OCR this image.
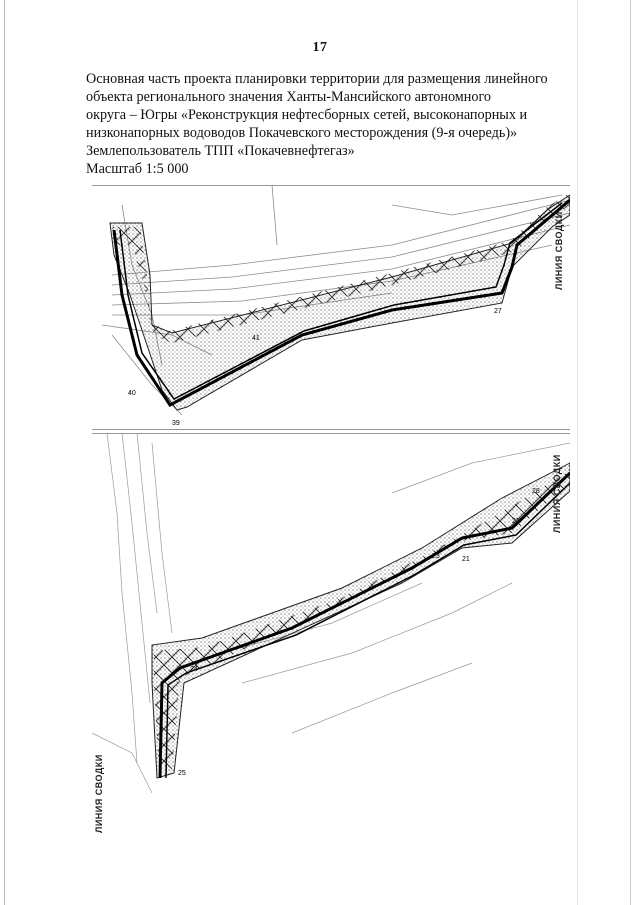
17
Основная часть проекта планировки территории для размещения линейного
объекта регионального значения Ханты-Мансийского автономного
округа – Югры «Реконструкция нефтесборных сетей, высоконапорных и
низконапорных водоводов Покачевского месторождения (9-я очередь)»
Землепользователь ТПП «Покачевнефтегаз»
Масштаб 1:5 000
27
39
40
41
ЛИНИЯ СВОДКИ
21
22
23
24
25
28 ЛИНИЯ СВОДКИ
ЛИНИЯ СВОДКИ
